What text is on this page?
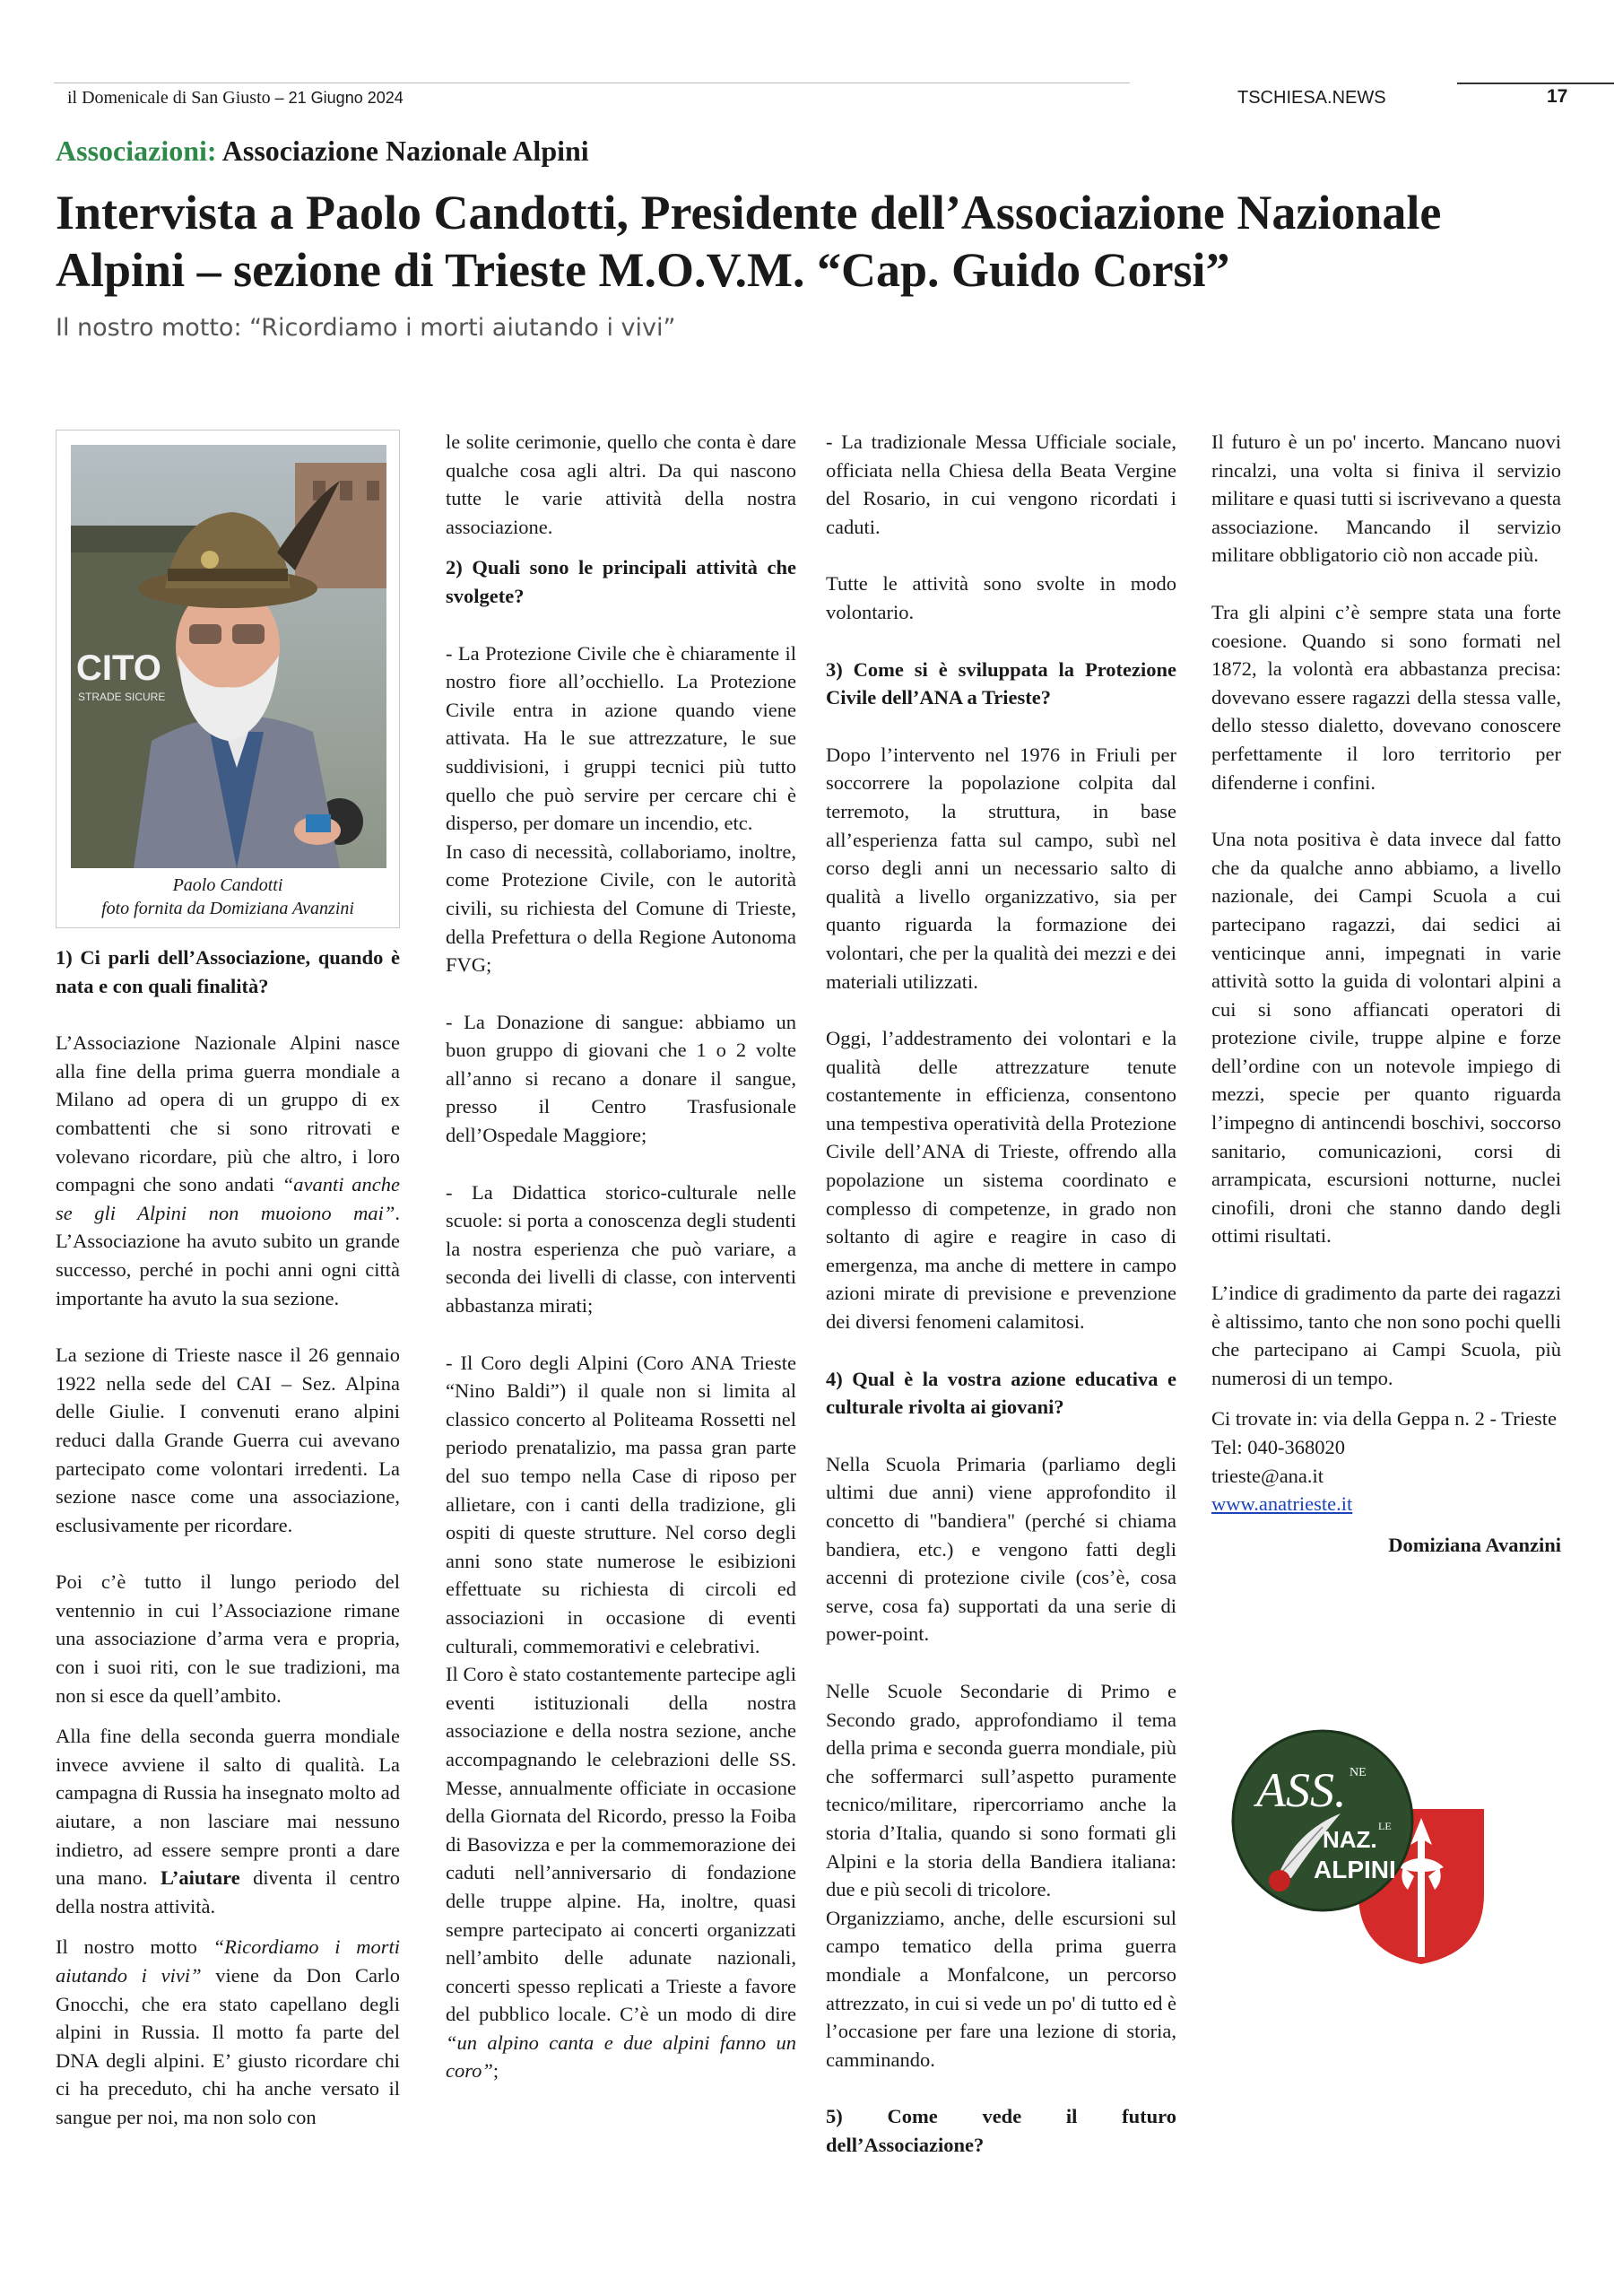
il Domenicale di San Giusto – 21 Giugno 2024	TSCHIESA.NEWS	17
Associazioni: Associazione Nazionale Alpini
Intervista a Paolo Candotti, Presidente dell’Associazione Nazionale
Alpini – sezione di Trieste M.O.V.M. “Cap. Guido Corsi”
Il nostro motto: “Ricordiamo i morti aiutando i vivi”
CITO
STRADE SICURE
Paolo Candotti
foto fornita da Domiziana Avanzini

1) Ci parli dell’Associazione, quando è nata e con quali finalità?

L’Associazione Nazionale Alpini nasce alla fine della prima guerra mondiale a Milano ad opera di un gruppo di ex combattenti che si sono ritrovati e volevano ricordare, più che altro, i loro compagni che sono andati “avanti anche se gli Alpini non muoiono mai”. L’Associazione ha avuto subito un grande successo, perché in pochi anni ogni città importante ha avuto la sua sezione.

La sezione di Trieste nasce il 26 gennaio 1922 nella sede del CAI – Sez. Alpina delle Giulie. I convenuti erano alpini reduci dalla Grande Guerra cui avevano partecipato come volontari irredenti. La sezione nasce come una associazione, esclusivamente per ricordare.

Poi c’è tutto il lungo periodo del ventennio in cui l’Associazione rimane una associazione d’arma vera e propria, con i suoi riti, con le sue tradizioni, ma non si esce da quell’ambito.

Alla fine della seconda guerra mondiale invece avviene il salto di qualità. La campagna di Russia ha insegnato molto ad aiutare, a non lasciare mai nessuno indietro, ad essere sempre pronti a dare una mano. L’aiutare diventa il centro della nostra attività.

Il nostro motto “Ricordiamo i morti aiutando i vivi” viene da Don Carlo Gnocchi, che era stato capellano degli alpini in Russia. Il motto fa parte del DNA degli alpini. E’ giusto ricordare chi ci ha preceduto, chi ha anche versato il sangue per noi, ma non solo con

le solite cerimonie, quello che conta è dare qualche cosa agli altri. Da qui nascono tutte le varie attività della nostra associazione.

2) Quali sono le principali attività che svolgete?

- La Protezione Civile che è chiaramente il nostro fiore all’occhiello. La Protezione Civile entra in azione quando viene attivata. Ha le sue attrezzature, le sue suddivisioni, i gruppi tecnici più tutto quello che può servire per cercare chi è disperso, per domare un incendio, etc.

In caso di necessità, collaboriamo, inoltre, come Protezione Civile, con le autorità civili, su richiesta del Comune di Trieste, della Prefettura o della Regione Autonoma FVG;

- La Donazione di sangue: abbiamo un buon gruppo di giovani che 1 o 2 volte all’anno si recano a donare il sangue, presso il Centro Trasfusionale dell’Ospedale Maggiore;

- La Didattica storico-culturale nelle scuole: si porta a conoscenza degli studenti la nostra esperienza che può variare, a seconda dei livelli di classe, con interventi abbastanza mirati;

- Il Coro degli Alpini (Coro ANA Trieste “Nino Baldi”) il quale non si limita al classico concerto al Politeama Rossetti nel periodo prenatalizio, ma passa gran parte del suo tempo nella Case di riposo per allietare, con i canti della tradizione, gli ospiti di queste strutture. Nel corso degli anni sono state numerose le esibizioni effettuate su richiesta di circoli ed associazioni in occasione di eventi culturali, commemorativi e celebrativi.

Il Coro è stato costantemente partecipe agli eventi istituzionali della nostra associazione e della nostra sezione, anche accompagnando le celebrazioni delle SS. Messe, annualmente officiate in occasione della Giornata del Ricordo, presso la Foiba di Basovizza e per la commemorazione dei caduti nell’anniversario di fondazione delle truppe alpine. Ha, inoltre, quasi sempre partecipato ai concerti organizzati nell’ambito delle adunate nazionali, concerti spesso replicati a Trieste a favore del pubblico locale. C’è un modo di dire “un alpino canta e due alpini fanno un coro”;

- La tradizionale Messa Ufficiale sociale, officiata nella Chiesa della Beata Vergine del Rosario, in cui vengono ricordati i caduti.

Tutte le attività sono svolte in modo volontario.

3) Come si è sviluppata la Protezione Civile dell’ANA a Trieste?

Dopo l’intervento nel 1976 in Friuli per soccorrere la popolazione colpita dal terremoto, la struttura, in base all’esperienza fatta sul campo, subì nel corso degli anni un necessario salto di qualità a livello organizzativo, sia per quanto riguarda la formazione dei volontari, che per la qualità dei mezzi e dei materiali utilizzati.

Oggi, l’addestramento dei volontari e la qualità delle attrezzature tenute costantemente in efficienza, consentono una tempestiva operatività della Protezione Civile dell’ANA di Trieste, offrendo alla popolazione un sistema coordinato e complesso di competenze, in grado non soltanto di agire e reagire in caso di emergenza, ma anche di mettere in campo azioni mirate di previsione e prevenzione dei diversi fenomeni calamitosi.

4) Qual è la vostra azione educativa e culturale rivolta ai giovani?

Nella Scuola Primaria (parliamo degli ultimi due anni) viene approfondito il concetto di "bandiera" (perché si chiama bandiera, etc.) e vengono fatti degli accenni di protezione civile (cos’è, cosa serve, cosa fa) supportati da una serie di power-point.

Nelle Scuole Secondarie di Primo e Secondo grado, approfondiamo il tema della prima e seconda guerra mondiale, più che soffermarci sull’aspetto puramente tecnico/militare, ripercorriamo anche la storia d’Italia, quando si sono formati gli Alpini e la storia della Bandiera italiana: due e più secoli di tricolore.

Organizziamo, anche, delle escursioni sul campo tematico della prima guerra mondiale a Monfalcone, un percorso attrezzato, in cui si vede un po' di tutto ed è l’occasione per fare una lezione di storia, camminando.

5) Come vede il futuro dell’Associazione?

Il futuro è un po' incerto. Mancano nuovi rincalzi, una volta si finiva il servizio militare e quasi tutti si iscrivevano a questa associazione. Mancando il servizio militare obbligatorio ciò non accade più.

Tra gli alpini c’è sempre stata una forte coesione. Quando si sono formati nel 1872, la volontà era abbastanza precisa: dovevano essere ragazzi della stessa valle, dello stesso dialetto, dovevano conoscere perfettamente il loro territorio per difenderne i confini.

Una nota positiva è data invece dal fatto che da qualche anno abbiamo, a livello nazionale, dei Campi Scuola a cui partecipano ragazzi, dai sedici ai venticinque anni, impegnati in varie attività sotto la guida di volontari alpini a cui si sono affiancati operatori di protezione civile, truppe alpine e forze dell’ordine con un notevole impiego di mezzi, specie per quanto riguarda l’impegno di antincendi boschivi, soccorso sanitario, comunicazioni, corsi di arrampicata, escursioni notturne, nuclei cinofili, droni che stanno dando degli ottimi risultati.

L’indice di gradimento da parte dei ragazzi è altissimo, tanto che non sono pochi quelli che partecipano ai Campi Scuola, più numerosi di un tempo.

Ci trovate in: via della Geppa n. 2 - Trieste

Tel: 040-368020

trieste@ana.it

www.anatrieste.it

Domiziana Avanzini

ASS. NE
NAZ. LE
ALPINI
